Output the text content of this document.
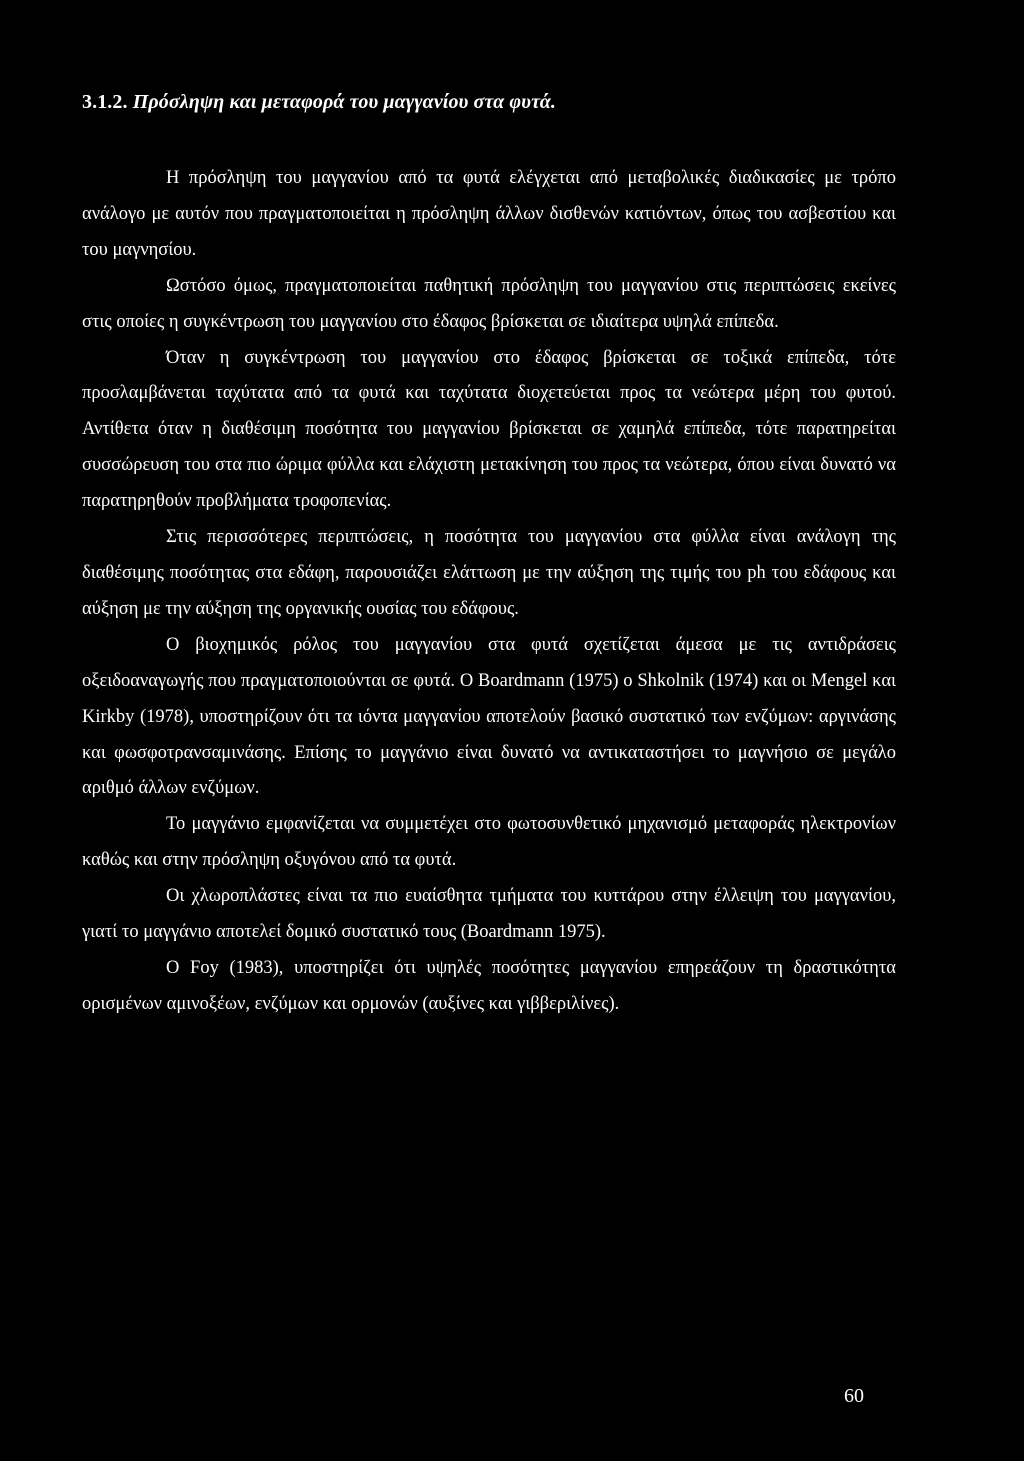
3.1.2. Πρόσληψη και μεταφορά του μαγγανίου στα φυτά.

Η πρόσληψη του μαγγανίου από τα φυτά ελέγχεται από μεταβολικές διαδικασίες με τρόπο ανάλογο με αυτόν που πραγματοποιείται η πρόσληψη άλλων δισθενών κατιόντων, όπως του ασβεστίου και του μαγνησίου.

Ωστόσο όμως, πραγματοποιείται παθητική πρόσληψη του μαγγανίου στις περιπτώσεις εκείνες στις οποίες η συγκέντρωση του μαγγανίου στο έδαφος βρίσκεται σε ιδιαίτερα υψηλά επίπεδα.

Όταν η συγκέντρωση του μαγγανίου στο έδαφος βρίσκεται σε τοξικά επίπεδα, τότε προσλαμβάνεται ταχύτατα από τα φυτά και ταχύτατα διοχετεύεται προς τα νεώτερα μέρη του φυτού. Αντίθετα όταν η διαθέσιμη ποσότητα του μαγγανίου βρίσκεται σε χαμηλά επίπεδα, τότε παρατηρείται συσσώρευση του στα πιο ώριμα φύλλα και ελάχιστη μετακίνηση του προς τα νεώτερα, όπου είναι δυνατό να παρατηρηθούν προβλήματα τροφοπενίας.

Στις περισσότερες περιπτώσεις, η ποσότητα του μαγγανίου στα φύλλα είναι ανάλογη της διαθέσιμης ποσότητας στα εδάφη, παρουσιάζει ελάττωση με την αύξηση της τιμής του ph του εδάφους και αύξηση με την αύξηση της οργανικής ουσίας του εδάφους.

Ο βιοχημικός ρόλος του μαγγανίου στα φυτά σχετίζεται άμεσα με τις αντιδράσεις οξειδοαναγωγής που πραγματοποιούνται σε φυτά. Ο Boardmann (1975) ο Shkolnik (1974) και οι Mengel και Kirkby (1978), υποστηρίζουν ότι τα ιόντα μαγγανίου αποτελούν βασικό συστατικό των ενζύμων: αργινάσης και φωσφοτρανσαμινάσης. Επίσης το μαγγάνιο είναι δυνατό να αντικαταστήσει το μαγνήσιο σε μεγάλο αριθμό άλλων ενζύμων.

Το μαγγάνιο εμφανίζεται να συμμετέχει στο φωτοσυνθετικό μηχανισμό μεταφοράς ηλεκτρονίων καθώς και στην πρόσληψη οξυγόνου από τα φυτά.

Οι χλωροπλάστες είναι τα πιο ευαίσθητα τμήματα του κυττάρου στην έλλειψη του μαγγανίου, γιατί το μαγγάνιο αποτελεί δομικό συστατικό τους (Boardmann 1975).

Ο Foy (1983), υποστηρίζει ότι υψηλές ποσότητες μαγγανίου επηρεάζουν τη δραστικότητα ορισμένων αμινοξέων, ενζύμων και ορμονών (αυξίνες και γιββεριλίνες).

60
